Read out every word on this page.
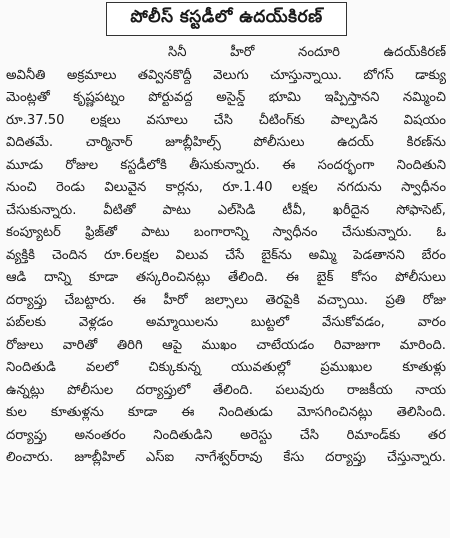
పోలీస్ కస్టడీలో ఉదయ్‌కిరణ్
సినీ హీరో నందూరి ఉదయ్‌కిరణ్
అవినీతి అక్రమాలు తవ్వినకొద్దీ వెలుగు చూస్తున్నాయి. బోగస్ డాక్యు
మెంట్లతో కృష్ణపట్నం పోర్టువద్ద అసైన్డ్ భూమి ఇప్పిస్తానని నమ్మించి
రూ.37.50 లక్షలు వసూలు చేసి చీటింగ్‌కు పాల్పడిన విషయం
విదితమే. చార్మినార్‌ జూబ్లీహిల్స్ పోలీసులు ఉదయ్ కిరణ్‌ను
మూడు రోజుల కస్టడీలోకి తీసుకున్నారు. ఈ సందర్భంగా నిందితుని
నుంచి రెండు విలువైన కార్లను, రూ.1.40 లక్షల నగదును స్వాధీనం
చేసుకున్నారు. వీటితో పాటు ఎల్‌సిడి టీవీ, ఖరీదైన సోఫాసెట్,
కంప్యూటర్ ఫ్రిజ్‌తో పాటు బంగారాన్ని స్వాధీనం చేసుకున్నారు. ఓ
వ్యక్తికి చెందిన రూ.6లక్షల విలువ చేసే బైక్‌ను అమ్మి పెడతానని బేరం
ఆడి దాన్ని కూడా తస్కరించినట్లు తేలింది. ఈ బైక్ కోసం పోలీసులు
దర్యాప్తు చేబట్టారు. ఈ హీరో జల్సాలు తెరపైకి వచ్చాయి. ప్రతి రోజు
పబ్‌లకు వెళ్లడం అమ్మాయిలను బుట్టలో వేసుకోవడం, వారం
రోజులు వారితో తిరిగి ఆపై ముఖం చాటేయడం రివాజుగా మారింది.
నిందితుడి వలలో చిక్కుకున్న యువతుల్లో ప్రముఖుల కూతుళ్లు
ఉన్నట్లు పోలీసుల దర్యాప్తులో తేలింది. పలువురు రాజకీయ నాయ
కుల కూతుళ్లను కూడా ఈ నిందితుడు మోసగించినట్లు తెలిసింది.
దర్యాప్తు అనంతరం నిందితుడిని అరెస్టు చేసి రిమాండ్‌కు తర
లించారు. జూబ్లీహిల్ ఎస్‌ఐ నాగేశ్వర్‌రావు కేసు దర్యాప్తు చేస్తున్నారు.
